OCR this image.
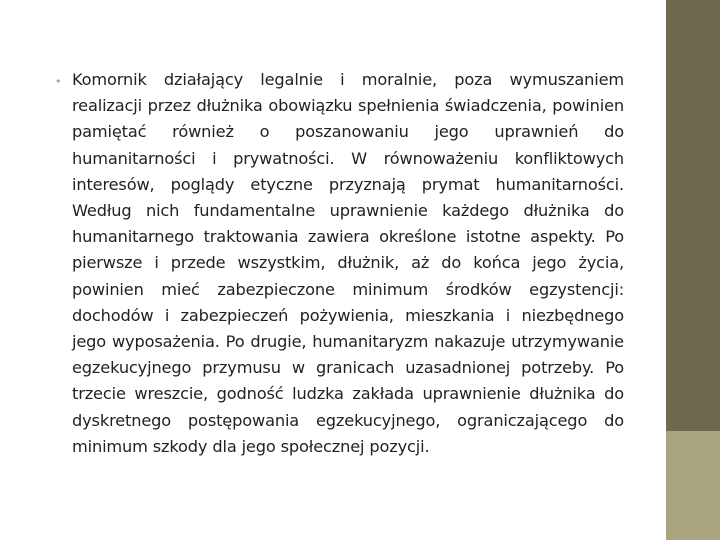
• Komornik działający legalnie i moralnie, poza wymuszaniem realizacji przez dłużnika obowiązku spełnienia świadczenia, powinien pamiętać również o poszanowaniu jego uprawnień do humanitarności i prywatności. W równoważeniu konfliktowych interesów, poglądy etyczne przyznają prymat humanitarności. Według nich fundamentalne uprawnienie każdego dłużnika do humanitarnego traktowania zawiera określone istotne aspekty. Po pierwsze i przede wszystkim, dłużnik, aż do końca jego życia, powinien mieć zabezpieczone minimum środków egzystencji: dochodów i zabezpieczeń pożywienia, mieszkania i niezbędnego jego wyposażenia. Po drugie, humanitaryzm nakazuje utrzymywanie egzekucyjnego przymusu w granicach uzasadnionej potrzeby. Po trzecie wreszcie, godność ludzka zakłada uprawnienie dłużnika do dyskretnego postępowania egzekucyjnego, ograniczającego do minimum szkody dla jego społecznej pozycji.
